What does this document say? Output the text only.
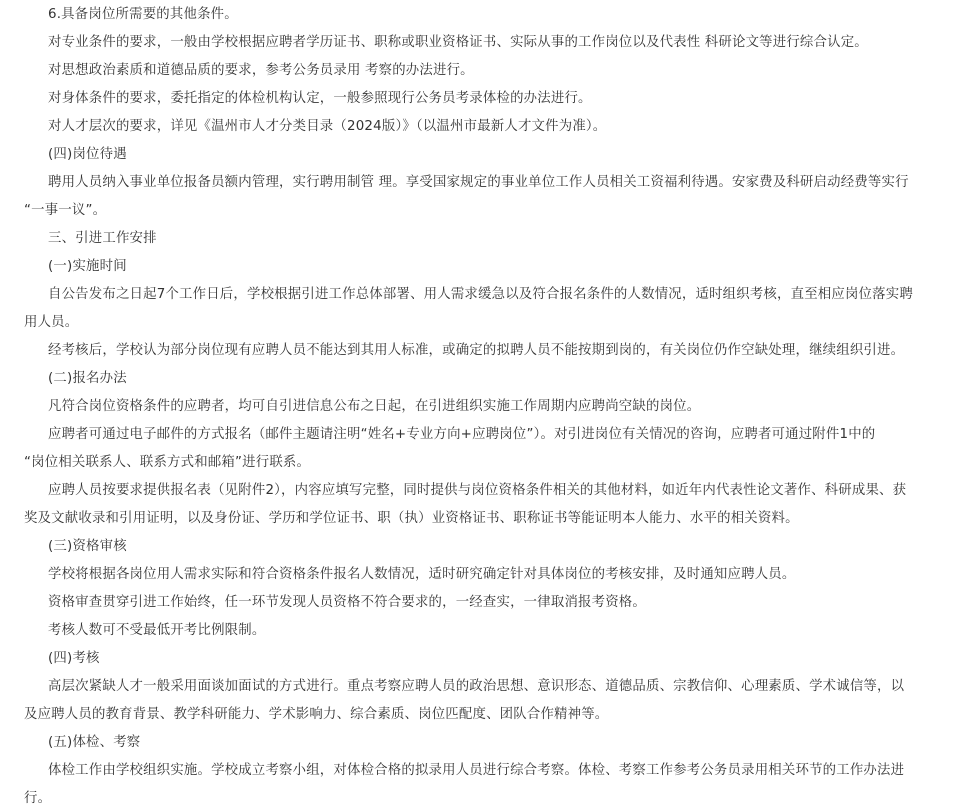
6.具备岗位所需要的其他条件。
对专业条件的要求，一般由学校根据应聘者学历证书、职称或职业资格证书、实际从事的工作岗位以及代表性 科研论文等进行综合认定。
对思想政治素质和道德品质的要求，参考公务员录用 考察的办法进行。
对身体条件的要求，委托指定的体检机构认定，一般参照现行公务员考录体检的办法进行。
对人才层次的要求，详见《温州市人才分类目录（2024版）》（以温州市最新人才文件为准）。
(四)岗位待遇
聘用人员纳入事业单位报备员额内管理，实行聘用制管 理。享受国家规定的事业单位工作人员相关工资福利待遇。安家费及科研启动经费等实行
“一事一议”。
三、引进工作安排
(一)实施时间
自公告发布之日起7个工作日后，学校根据引进工作总体部署、用人需求缓急以及符合报名条件的人数情况，适时组织考核，直至相应岗位落实聘
用人员。
经考核后，学校认为部分岗位现有应聘人员不能达到其用人标准，或确定的拟聘人员不能按期到岗的，有关岗位仍作空缺处理，继续组织引进。
(二)报名办法
凡符合岗位资格条件的应聘者，均可自引进信息公布之日起，在引进组织实施工作周期内应聘尚空缺的岗位。
应聘者可通过电子邮件的方式报名（邮件主题请注明“姓名+专业方向+应聘岗位”）。对引进岗位有关情况的咨询，应聘者可通过附件1中的
“岗位相关联系人、联系方式和邮箱”进行联系。
应聘人员按要求提供报名表（见附件2），内容应填写完整，同时提供与岗位资格条件相关的其他材料，如近年内代表性论文著作、科研成果、获
奖及文献收录和引用证明，以及身份证、学历和学位证书、职（执）业资格证书、职称证书等能证明本人能力、水平的相关资料。
(三)资格审核
学校将根据各岗位用人需求实际和符合资格条件报名人数情况，适时研究确定针对具体岗位的考核安排，及时通知应聘人员。
资格审查贯穿引进工作始终，任一环节发现人员资格不符合要求的，一经查实，一律取消报考资格。
考核人数可不受最低开考比例限制。
(四)考核
高层次紧缺人才一般采用面谈加面试的方式进行。重点考察应聘人员的政治思想、意识形态、道德品质、宗教信仰、心理素质、学术诚信等，以
及应聘人员的教育背景、教学科研能力、学术影响力、综合素质、岗位匹配度、团队合作精神等。
(五)体检、考察
体检工作由学校组织实施。学校成立考察小组，对体检合格的拟录用人员进行综合考察。体检、考察工作参考公务员录用相关环节的工作办法进
行。
